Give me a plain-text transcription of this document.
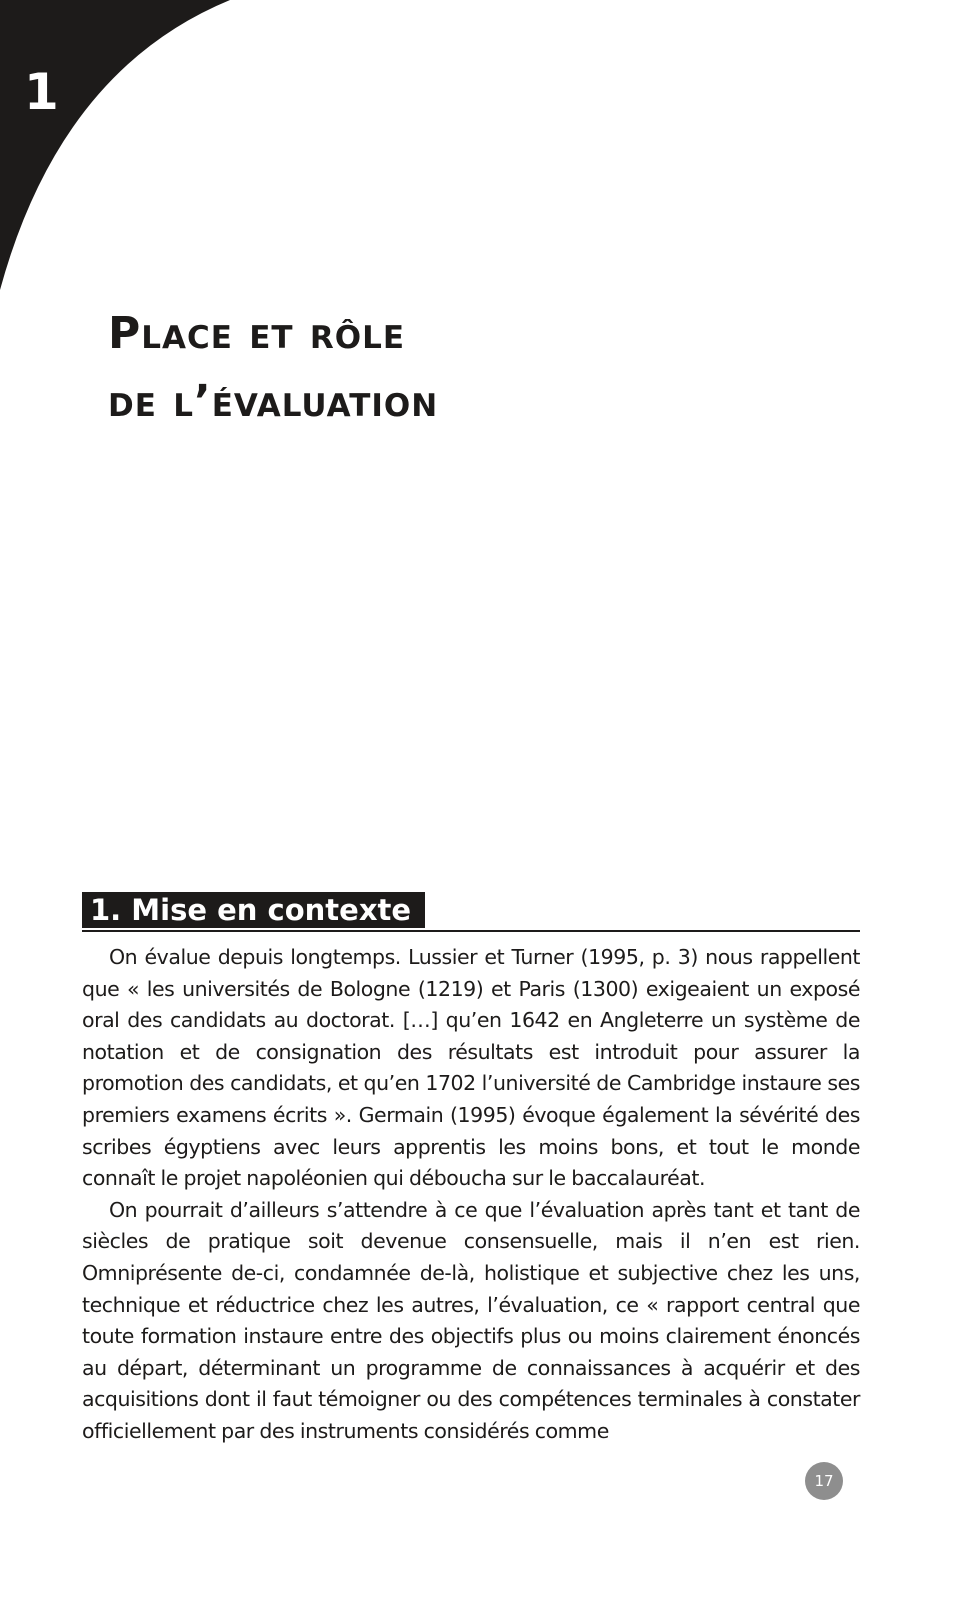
1
Place et rôle
de l’évaluation
1. Mise en contexte

On évalue depuis longtemps. Lussier et Turner (1995, p. 3) nous rappellent que « les universités de Bologne (1219) et Paris (1300) exigeaient un exposé oral des candidats au doctorat. […] qu’en 1642 en Angleterre un système de notation et de consignation des résultats est introduit pour assurer la promotion des candidats, et qu’en 1702 l’université de Cambridge instaure ses premiers examens écrits ». Germain (1995) évoque également la sévérité des scribes égyptiens avec leurs apprentis les moins bons, et tout le monde connaît le projet napoléonien qui déboucha sur le baccalauréat.

On pourrait d’ailleurs s’attendre à ce que l’évaluation après tant et tant de siècles de pratique soit devenue consensuelle, mais il n’en est rien. Omniprésente de-ci, condamnée de-là, holistique et subjective chez les uns, technique et réductrice chez les autres, l’évaluation, ce « rapport central que toute formation instaure entre des objectifs plus ou moins clairement énoncés au départ, déterminant un programme de connaissances à acquérir et des acquisitions dont il faut témoigner ou des compétences terminales à constater officiellement par des instruments considérés comme

17
